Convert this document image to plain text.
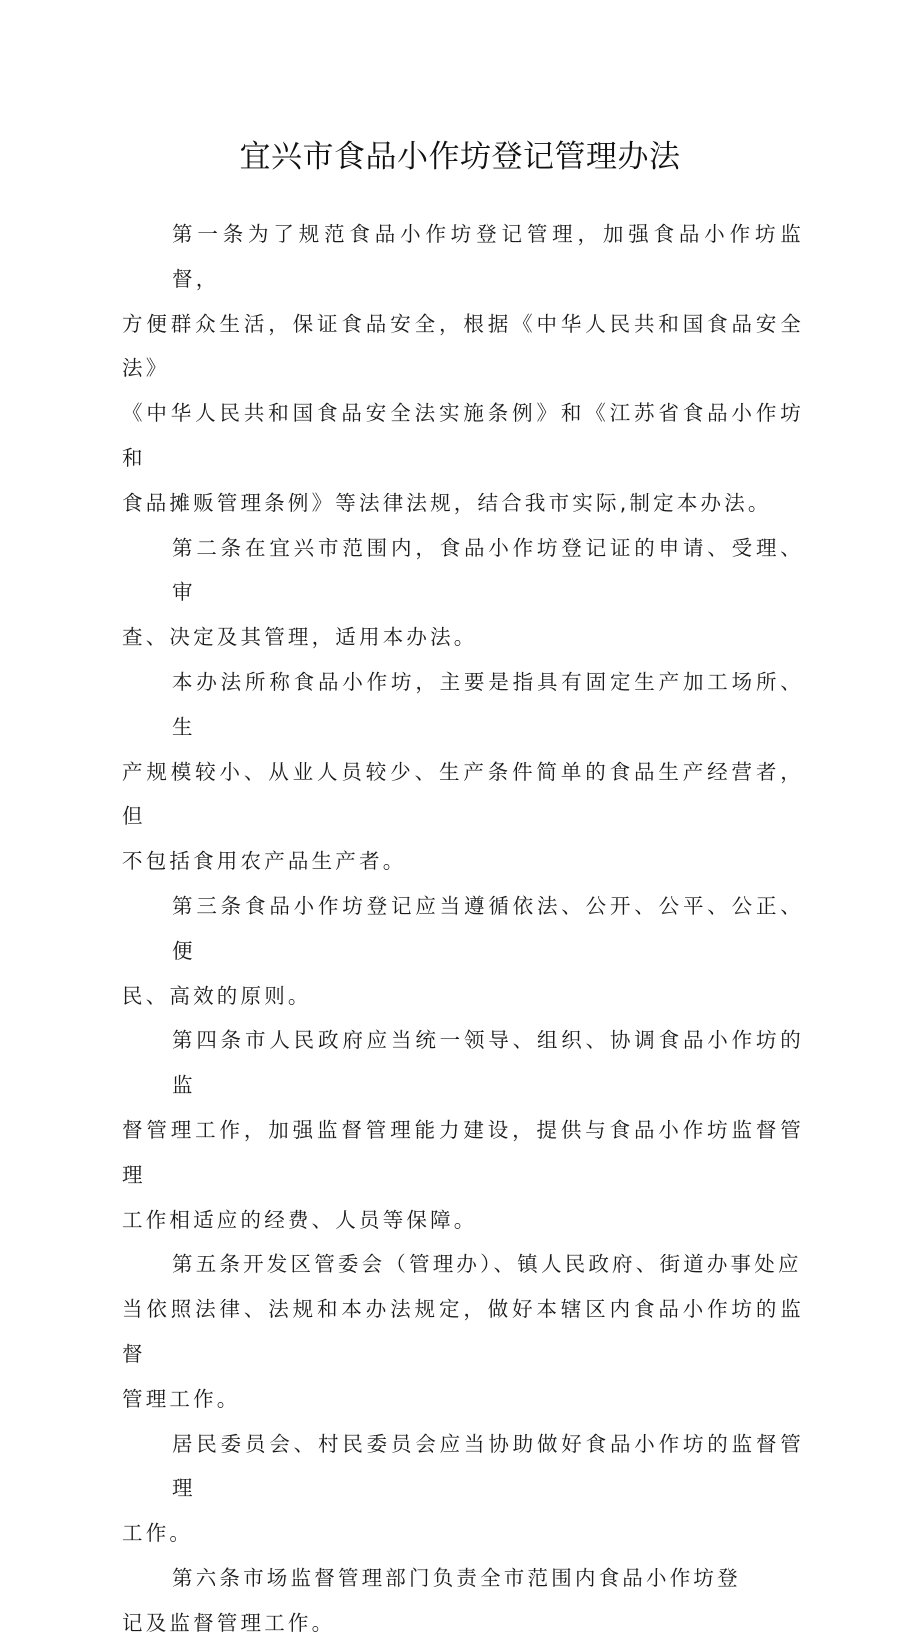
宜兴市食品小作坊登记管理办法

第一条为了规范食品小作坊登记管理，加强食品小作坊监督，
方便群众生活，保证食品安全，根据《中华人民共和国食品安全法》
《中华人民共和国食品安全法实施条例》和《江苏省食品小作坊和
食品摊贩管理条例》等法律法规，结合我市实际,制定本办法。

第二条在宜兴市范围内，食品小作坊登记证的申请、受理、审
查、决定及其管理，适用本办法。

本办法所称食品小作坊，主要是指具有固定生产加工场所、生
产规模较小、从业人员较少、生产条件简单的食品生产经营者，但
不包括食用农产品生产者。

第三条食品小作坊登记应当遵循依法、公开、公平、公正、便
民、高效的原则。

第四条市人民政府应当统一领导、组织、协调食品小作坊的监
督管理工作，加强监督管理能力建设，提供与食品小作坊监督管理
工作相适应的经费、人员等保障。

第五条开发区管委会（管理办）、镇人民政府、街道办事处应
当依照法律、法规和本办法规定，做好本辖区内食品小作坊的监督
管理工作。

居民委员会、村民委员会应当协助做好食品小作坊的监督管理
工作。

第六条市场监督管理部门负责全市范围内食品小作坊登
记及监督管理工作。
